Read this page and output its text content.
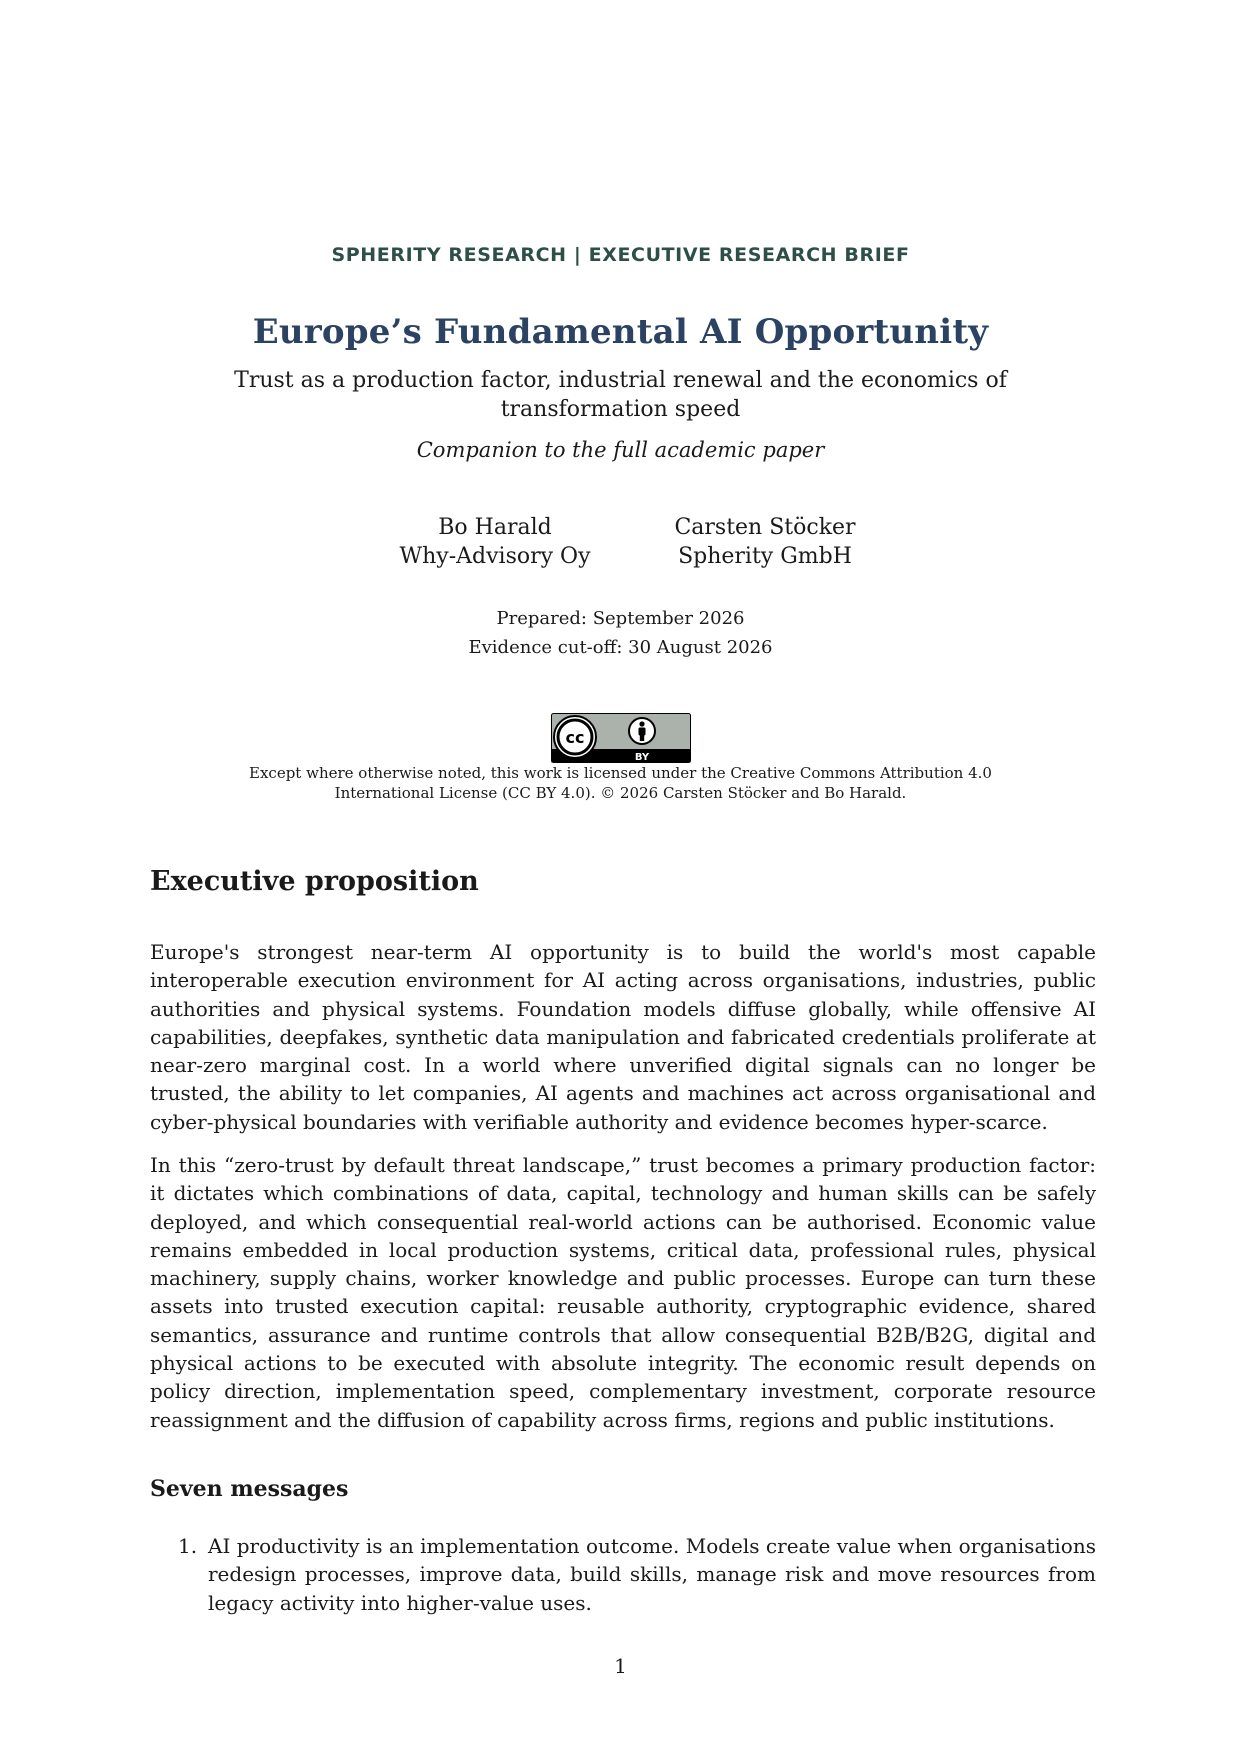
SPHERITY RESEARCH | EXECUTIVE RESEARCH BRIEF
Europe’s Fundamental AI Opportunity
Trust as a production factor, industrial renewal and the economics of transformation speed
Companion to the full academic paper
Bo Harald
Why-Advisory Oy
Carsten Stöcker
Spherity GmbH
Prepared: September 2026
Evidence cut-off: 30 August 2026
cc
BY
Except where otherwise noted, this work is licensed under the Creative Commons Attribution 4.0 International License (CC BY 4.0). © 2026 Carsten Stöcker and Bo Harald.
Executive proposition

Europe's strongest near-term AI opportunity is to build the world's most capable interoperable execution environment for AI acting across organisations, industries, public authorities and physical systems. Foundation models diffuse globally, while offensive AI capabilities, deepfakes, synthetic data manipulation and fabricated credentials proliferate at near-zero marginal cost. In a world where unverified digital signals can no longer be trusted, the ability to let companies, AI agents and machines act across organisational and cyber-physical boundaries with verifiable authority and evidence becomes hyper-scarce.

In this “zero-trust by default threat landscape,” trust becomes a primary production factor: it dictates which combinations of data, capital, technology and human skills can be safely deployed, and which consequential real-world actions can be authorised. Economic value remains embedded in local production systems, critical data, professional rules, physical machinery, supply chains, worker knowledge and public processes. Europe can turn these assets into trusted execution capital: reusable authority, cryptographic evidence, shared semantics, assurance and runtime controls that allow consequential B2B/B2G, digital and physical actions to be executed with absolute integrity. The economic result depends on policy direction, implementation speed, complementary investment, corporate resource reassignment and the diffusion of capability across firms, regions and public institutions.

Seven messages
1. AI productivity is an implementation outcome. Models create value when organisations redesign processes, improve data, build skills, manage risk and move resources from legacy activity into higher-value uses.
1
